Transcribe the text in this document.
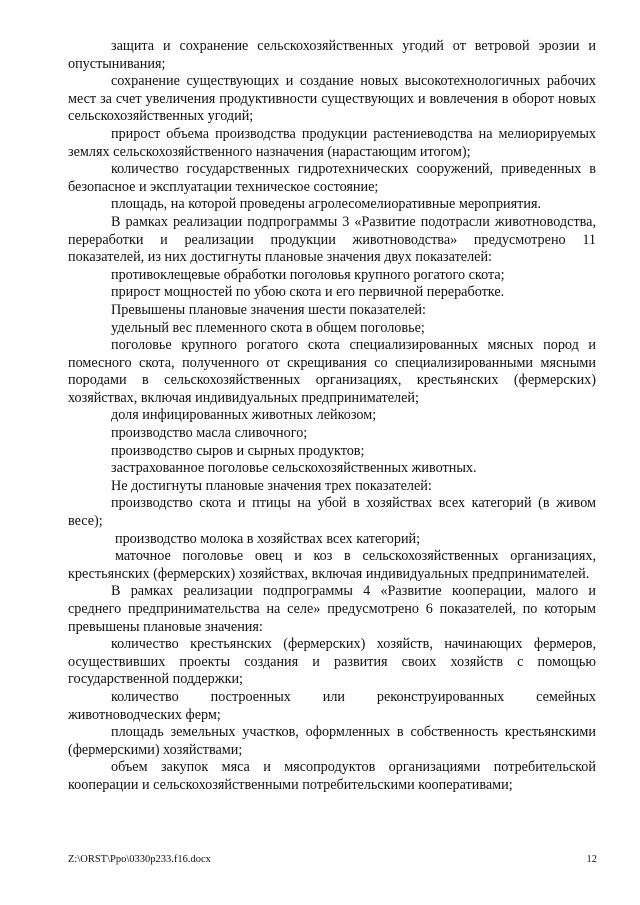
защита и сохранение сельскохозяйственных угодий от ветровой эрозии и опустынивания;

сохранение существующих и создание новых высокотехнологичных рабочих мест за счет увеличения продуктивности существующих и вовлечения в оборот новых сельскохозяйственных угодий;

прирост объема производства продукции растениеводства на мелиорируемых землях сельскохозяйственного назначения (нарастающим итогом);

количество государственных гидротехнических сооружений, приведенных в безопасное и эксплуатации техническое состояние;

площадь, на которой проведены агролесомелиоративные мероприятия.

В рамках реализации подпрограммы 3 «Развитие подотрасли животноводства, переработки и реализации продукции животноводства» предусмотрено 11 показателей, из них достигнуты плановые значения двух показателей:

противоклещевые обработки поголовья крупного рогатого скота;

прирост мощностей по убою скота и его первичной переработке.

Превышены плановые значения шести показателей:

удельный вес племенного скота в общем поголовье;

поголовье крупного рогатого скота специализированных мясных пород и помесного скота, полученного от скрещивания со специализированными мясными породами в сельскохозяйственных организациях, крестьянских (фермерских) хозяйствах, включая индивидуальных предпринимателей;

доля инфицированных животных лейкозом;

производство масла сливочного;

производство сыров и сырных продуктов;

застрахованное поголовье сельскохозяйственных животных.

Не достигнуты плановые значения трех показателей:

производство скота и птицы на убой в хозяйствах всех категорий (в живом весе);

производство молока в хозяйствах всех категорий;

маточное поголовье овец и коз в сельскохозяйственных организациях, крестьянских (фермерских) хозяйствах, включая индивидуальных предпринимателей.

В рамках реализации подпрограммы 4 «Развитие кооперации, малого и среднего предпринимательства на селе» предусмотрено 6 показателей, по которым превышены плановые значения:

количество крестьянских (фермерских) хозяйств, начинающих фермеров, осуществивших проекты создания и развития своих хозяйств с помощью государственной поддержки;

количество построенных или реконструированных семейных животноводческих ферм;

площадь земельных участков, оформленных в собственность крестьянскими (фермерскими) хозяйствами;

объем закупок мяса и мясопродуктов организациями потребительской кооперации и сельскохозяйственными потребительскими кооперативами;

Z:\ORST\Ppo\0330p233.f16.docx	12
